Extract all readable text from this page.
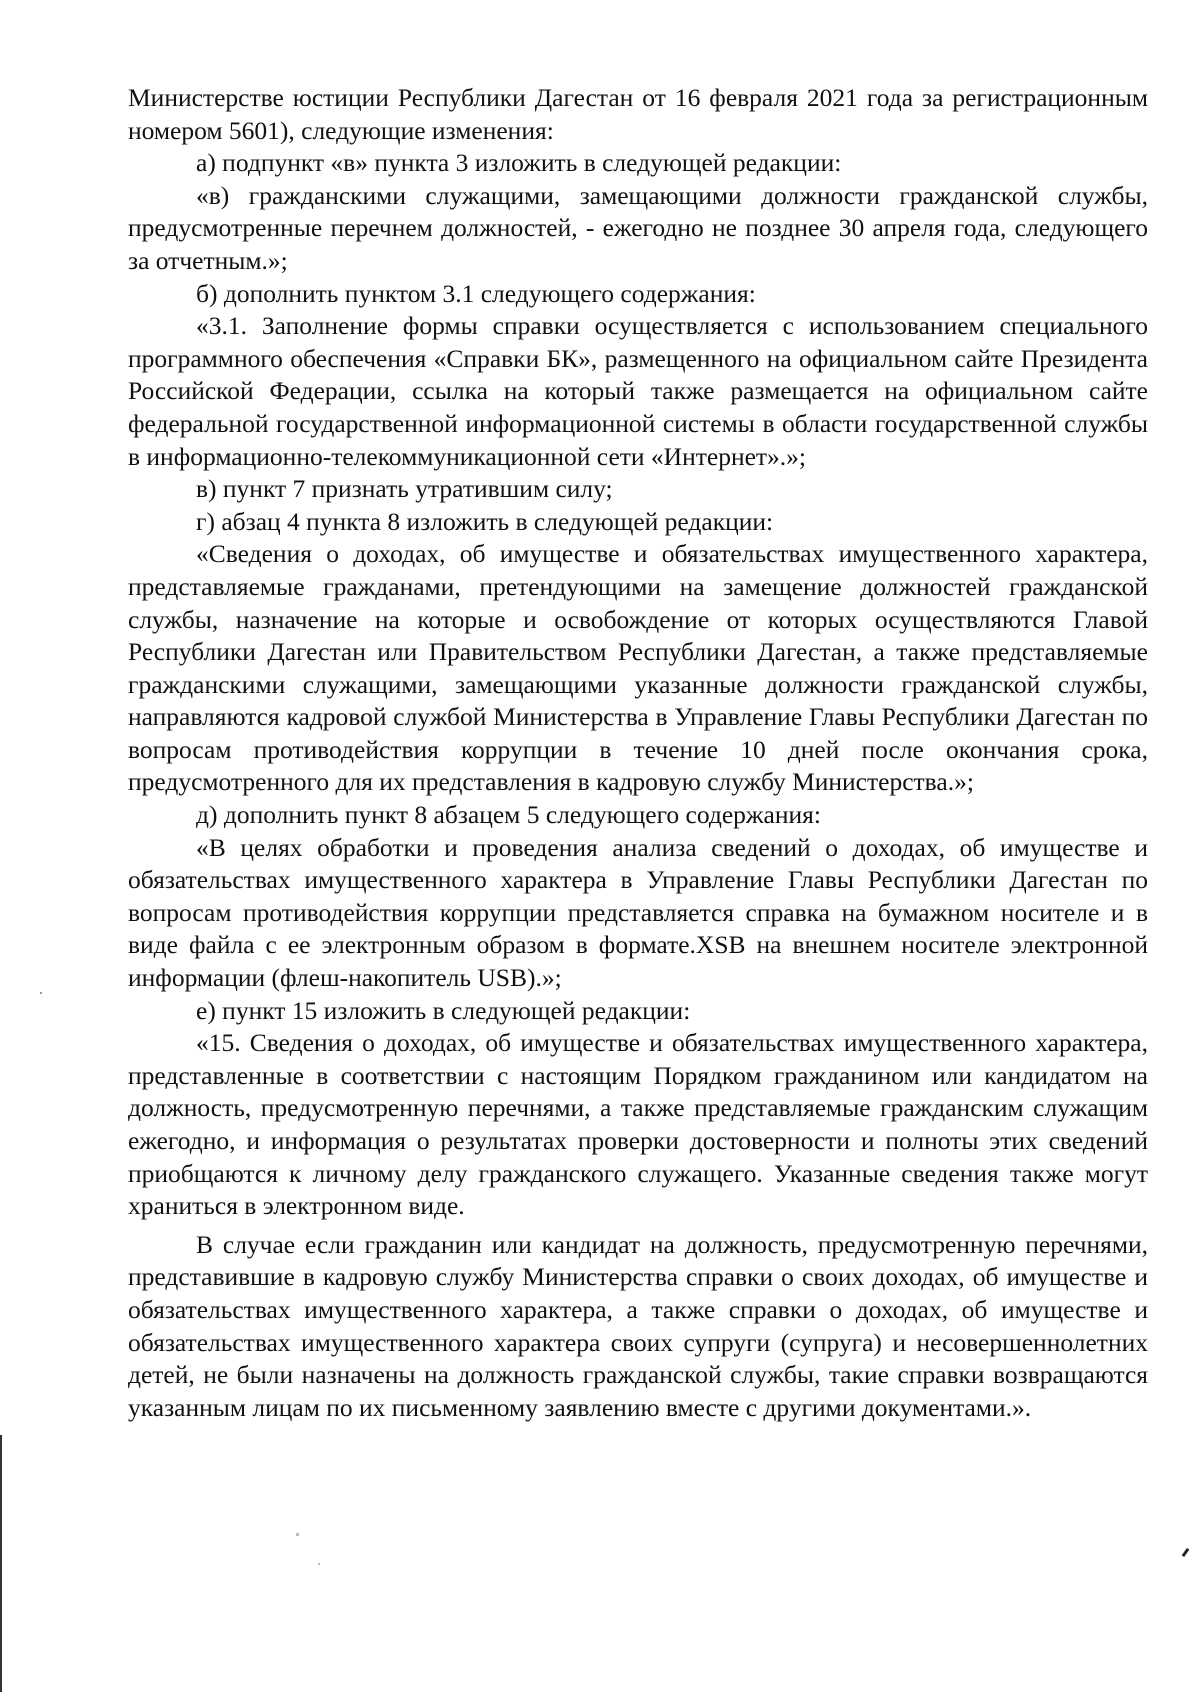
Министерстве юстиции Республики Дагестан от 16 февраля 2021 года за регистрационным номером 5601), следующие изменения:

а) подпункт «в» пункта 3 изложить в следующей редакции:

«в) гражданскими служащими, замещающими должности гражданской службы, предусмотренные перечнем должностей, - ежегодно не позднее 30 апреля года, следующего за отчетным.»;

б) дополнить пунктом 3.1 следующего содержания:

«3.1. Заполнение формы справки осуществляется с использованием специального программного обеспечения «Справки БК», размещенного на официальном сайте Президента Российской Федерации, ссылка на который также размещается на официальном сайте федеральной государственной информационной системы в области государственной службы в информационно-телекоммуникационной сети «Интернет».»;

в) пункт 7 признать утратившим силу;

г) абзац 4 пункта 8 изложить в следующей редакции:

«Сведения о доходах, об имуществе и обязательствах имущественного характера, представляемые гражданами, претендующими на замещение должностей гражданской службы, назначение на которые и освобождение от которых осуществляются Главой Республики Дагестан или Правительством Республики Дагестан, а также представляемые гражданскими служащими, замещающими указанные должности гражданской службы, направляются кадровой службой Министерства в Управление Главы Республики Дагестан по вопросам противодействия коррупции в течение 10 дней после окончания срока, предусмотренного для их представления в кадровую службу Министерства.»;

д) дополнить пункт 8 абзацем 5 следующего содержания:

«В целях обработки и проведения анализа сведений о доходах, об имуществе и обязательствах имущественного характера в Управление Главы Республики Дагестан по вопросам противодействия коррупции представляется справка на бумажном носителе и в виде файла с ее электронным образом в формате.XSB на внешнем носителе электронной информации (флеш-накопитель USB).»;

е) пункт 15 изложить в следующей редакции:

«15. Сведения о доходах, об имуществе и обязательствах имущественного характера, представленные в соответствии с настоящим Порядком гражданином или кандидатом на должность, предусмотренную перечнями, а также представляемые гражданским служащим ежегодно, и информация о результатах проверки достоверности и полноты этих сведений приобщаются к личному делу гражданского служащего. Указанные сведения также могут храниться в электронном виде.

В случае если гражданин или кандидат на должность, предусмотренную перечнями, представившие в кадровую службу Министерства справки о своих доходах, об имуществе и обязательствах имущественного характера, а также справки о доходах, об имуществе и обязательствах имущественного характера своих супруги (супруга) и несовершеннолетних детей, не были назначены на должность гражданской службы, такие справки возвращаются указанным лицам по их письменному заявлению вместе с другими документами.».
